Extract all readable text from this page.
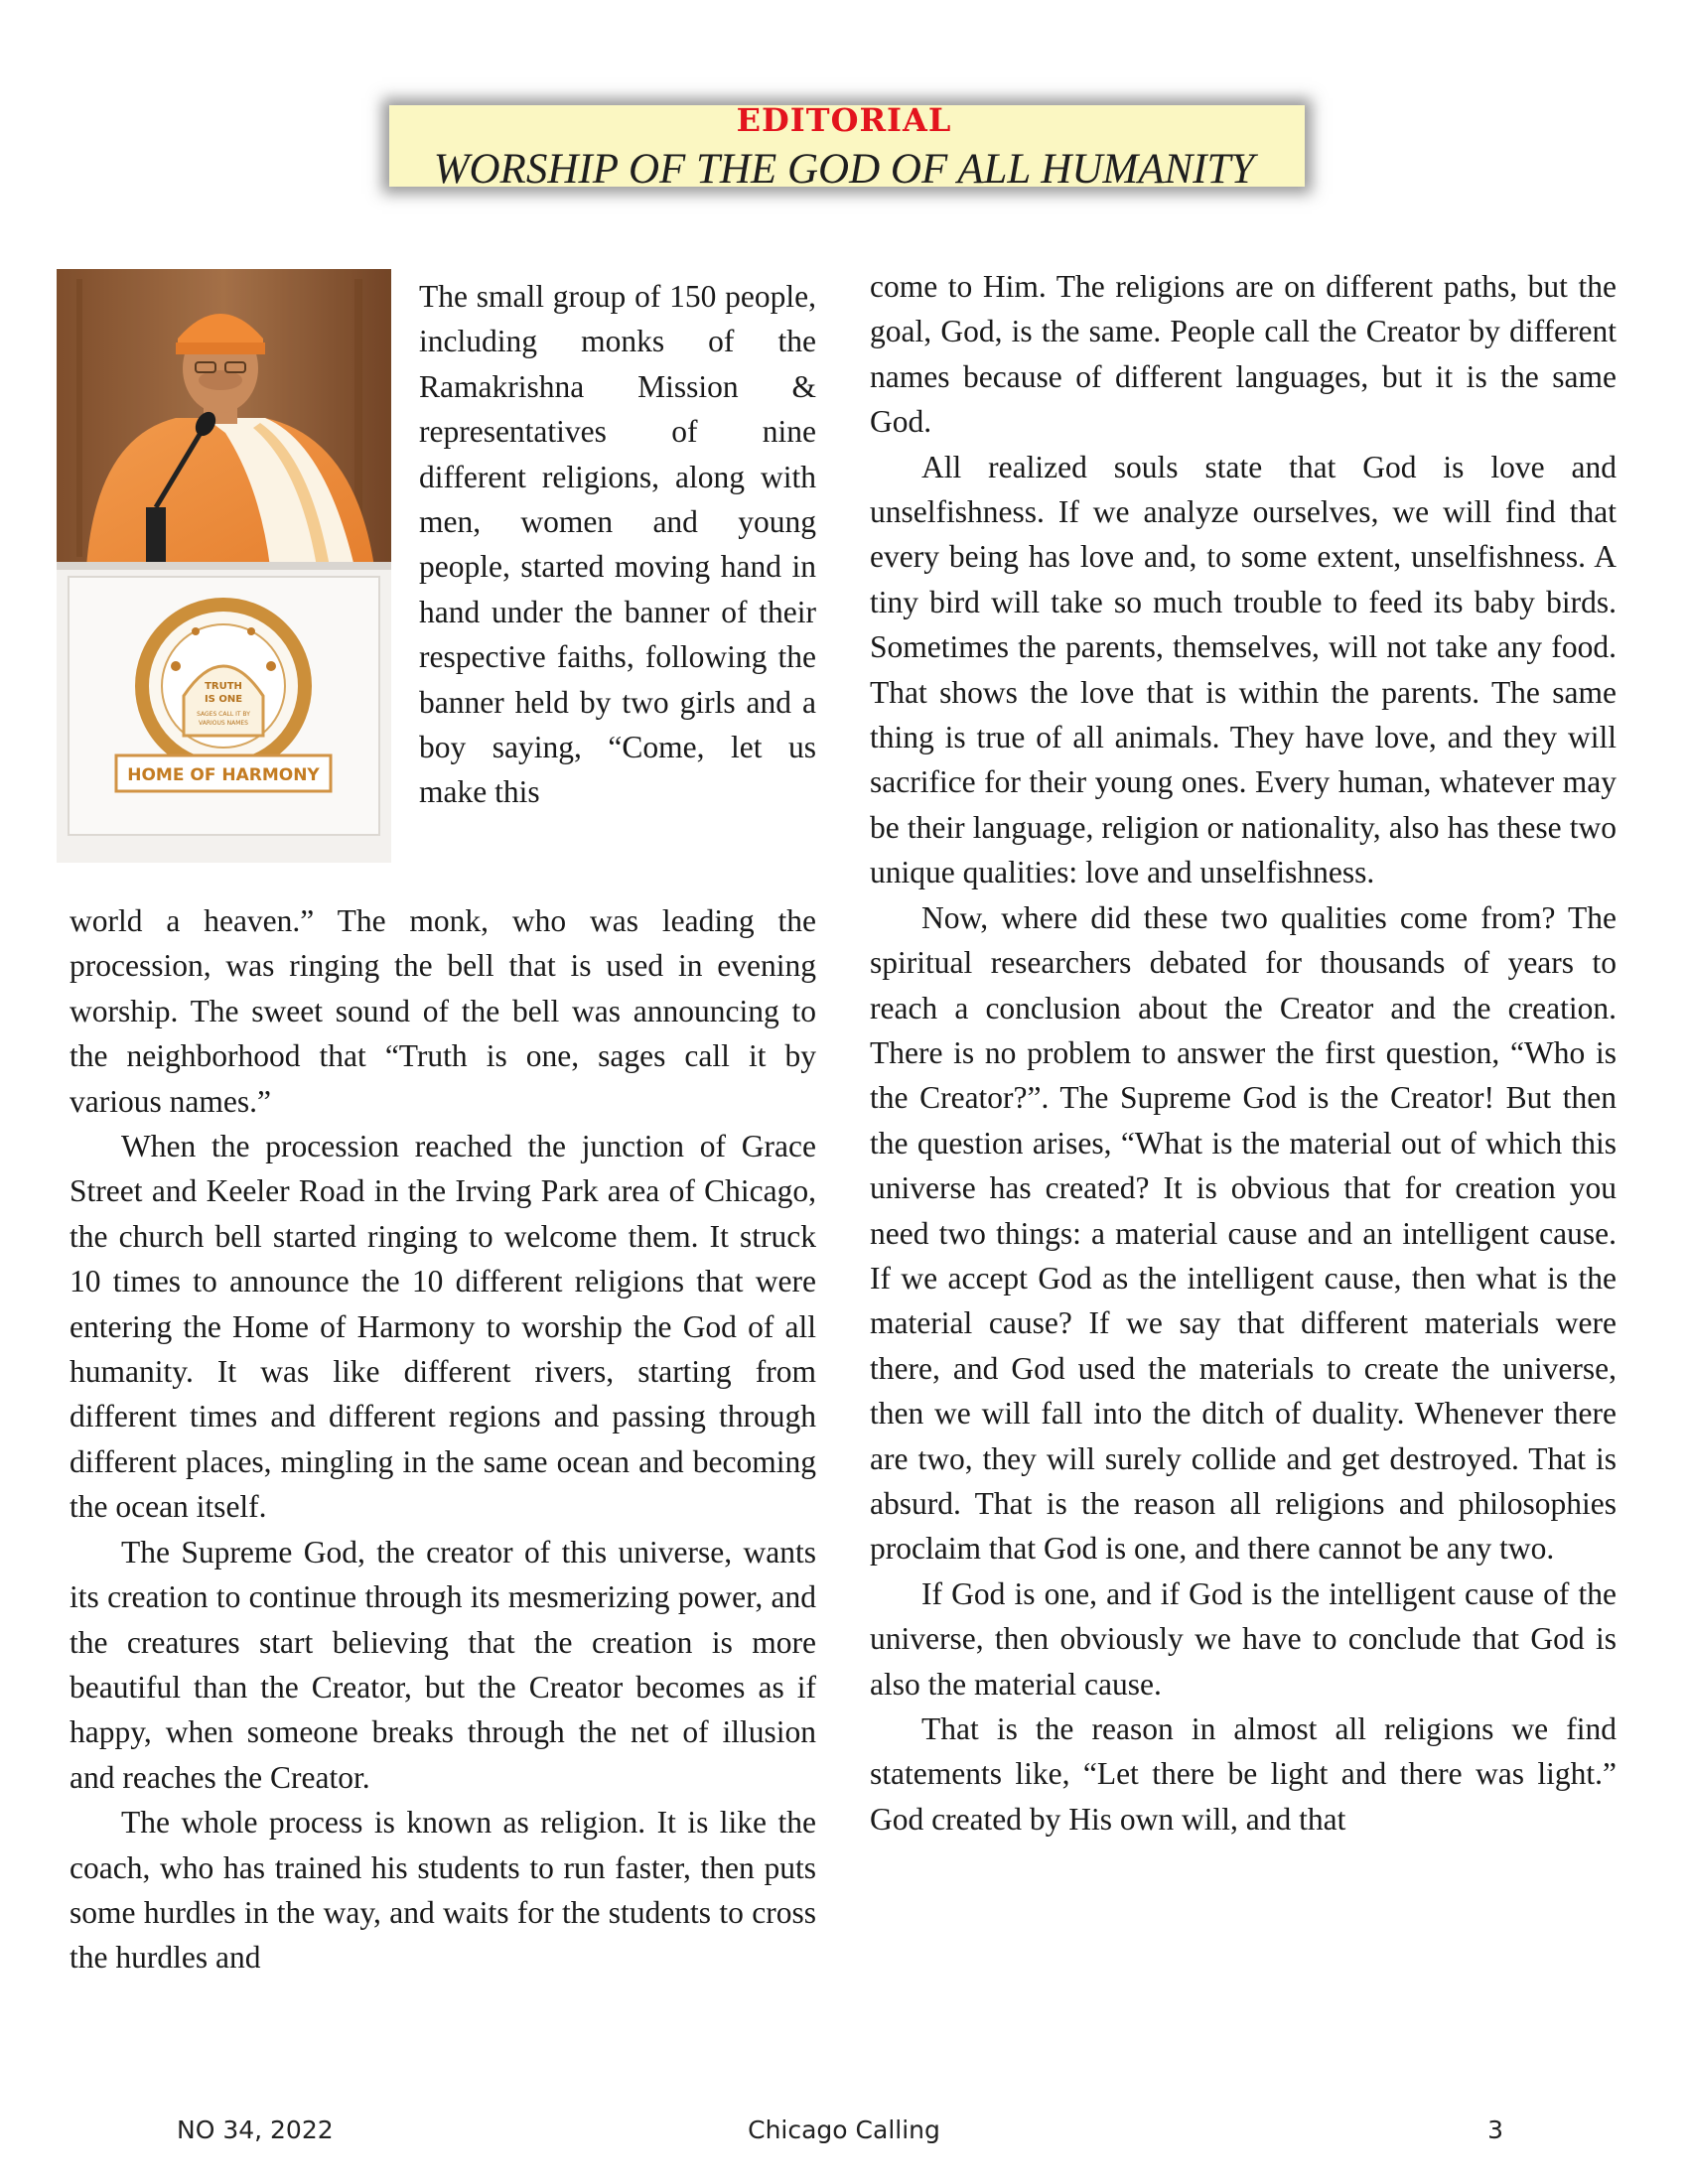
EDITORIAL
WORSHIP OF THE GOD OF ALL HUMANITY
TRUTH
IS ONE
SAGES CALL IT BY
VARIOUS NAMES
HOME OF HARMONY

The small group of 150 people, including monks of the Ramakrishna Mission & representatives of nine different religions, along with men, women and young people, started moving hand in hand under the banner of their respective faiths, following the banner held by two girls and a boy saying, “Come, let us make this

world a heaven.” The monk, who was leading the procession, was ringing the bell that is used in evening worship. The sweet sound of the bell was announcing to the neighborhood that “Truth is one, sages call it by various names.”

When the procession reached the junction of Grace Street and Keeler Road in the Irving Park area of Chicago, the church bell started ringing to welcome them. It struck 10 times to announce the 10 different religions that were entering the Home of Harmony to worship the God of all humanity. It was like different rivers, starting from different times and different regions and passing through different places, mingling in the same ocean and becoming the ocean itself.

The Supreme God, the creator of this universe, wants its creation to continue through its mesmerizing power, and the creatures start believing that the creation is more beautiful than the Creator, but the Creator becomes as if happy, when someone breaks through the net of illusion and reaches the Creator.

The whole process is known as religion. It is like the coach, who has trained his students to run faster, then puts some hurdles in the way, and waits for the students to cross the hurdles and

come to Him. The religions are on different paths, but the goal, God, is the same. People call the Creator by different names because of different languages, but it is the same God.

All realized souls state that God is love and unselfishness. If we analyze ourselves, we will find that every being has love and, to some extent, unselfishness. A tiny bird will take so much trouble to feed its baby birds. Sometimes the parents, themselves, will not take any food. That shows the love that is within the parents. The same thing is true of all animals. They have love, and they will sacrifice for their young ones. Every human, whatever may be their language, religion or nationality, also has these two unique qualities: love and unselfishness.

Now, where did these two qualities come from? The spiritual researchers debated for thousands of years to reach a conclusion about the Creator and the creation. There is no problem to answer the first question, “Who is the Creator?”. The Supreme God is the Creator! But then the question arises, “What is the material out of which this universe has created? It is obvious that for creation you need two things: a material cause and an intelligent cause. If we accept God as the intelligent cause, then what is the material cause? If we say that different materials were there, and God used the materials to create the universe, then we will fall into the ditch of duality. Whenever there are two, they will surely collide and get destroyed. That is absurd. That is the reason all religions and philosophies proclaim that God is one, and there cannot be any two.

If God is one, and if God is the intelligent cause of the universe, then obviously we have to conclude that God is also the material cause.

That is the reason in almost all religions we find statements like, “Let there be light and there was light.” God created by His own will, and that

NO 34, 2022	Chicago Calling	3
